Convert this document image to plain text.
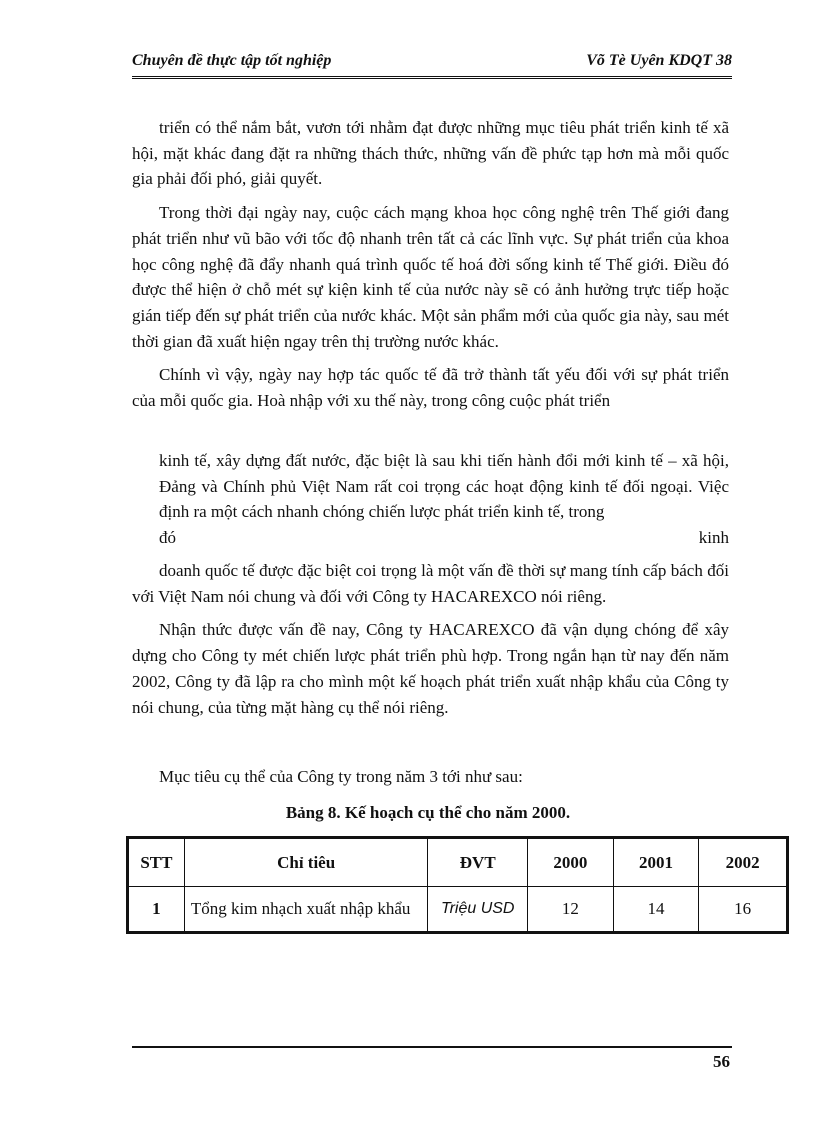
Chuyên đề thực tập tốt nghiệp	Võ Tè Uyên KDQT 38

triển có thể nắm bắt, vươn tới nhằm đạt được những mục tiêu phát triển kinh tế xã hội, mặt khác đang đặt ra những thách thức, những vấn đề phức tạp hơn mà mỗi quốc gia phải đối phó, giải quyết.

Trong thời đại ngày nay, cuộc cách mạng khoa học công nghệ trên Thế giới đang phát triển như vũ bão với tốc độ nhanh trên tất cả các lĩnh vực. Sự phát triển của khoa học công nghệ đã đẩy nhanh quá trình quốc tế hoá đời sống kinh tế Thế giới. Điều đó được thể hiện ở chỗ mét sự kiện kinh tế của nước này sẽ có ảnh hưởng trực tiếp hoặc gián tiếp đến sự phát triển của nước khác. Một sản phẩm mới của quốc gia này, sau mét thời gian đã xuất hiện ngay trên thị trường nước khác.

Chính vì vậy, ngày nay hợp tác quốc tế đã trở thành tất yếu đối với sự phát triển của mỗi quốc gia. Hoà nhập với xu thế này, trong công cuộc phát triển

kinh tế, xây dựng đất nước, đặc biệt là sau khi tiến hành đổi mới kinh tế – xã hội, Đảng và Chính phủ Việt Nam rất coi trọng các hoạt động kinh tế đối ngoại. Việc định ra một cách nhanh chóng chiến lược phát triển kinh tế, trong

đó	kinh

doanh quốc tế được đặc biệt coi trọng là một vấn đề thời sự mang tính cấp bách đối với Việt Nam nói chung và đối với Công ty HACAREXCO nói riêng.

Nhận thức được vấn đề nay, Công ty HACAREXCO đã vận dụng chóng để xây dựng cho Công ty mét chiến lược phát triển phù hợp. Trong ngắn hạn từ nay đến năm 2002, Công ty đã lập ra cho mình một kế hoạch phát triển xuất nhập khẩu của Công ty nói chung, của từng mặt hàng cụ thể nói riêng.

Mục tiêu cụ thể của Công ty trong năm 3 tới như sau:

Bảng 8. Kế hoạch cụ thể cho năm 2000.
STT	Chỉ tiêu	ĐVT	2000	2001	2002
1	Tổng kim nhạch xuất nhập khẩu	Triệu USD	12	14	16
56
